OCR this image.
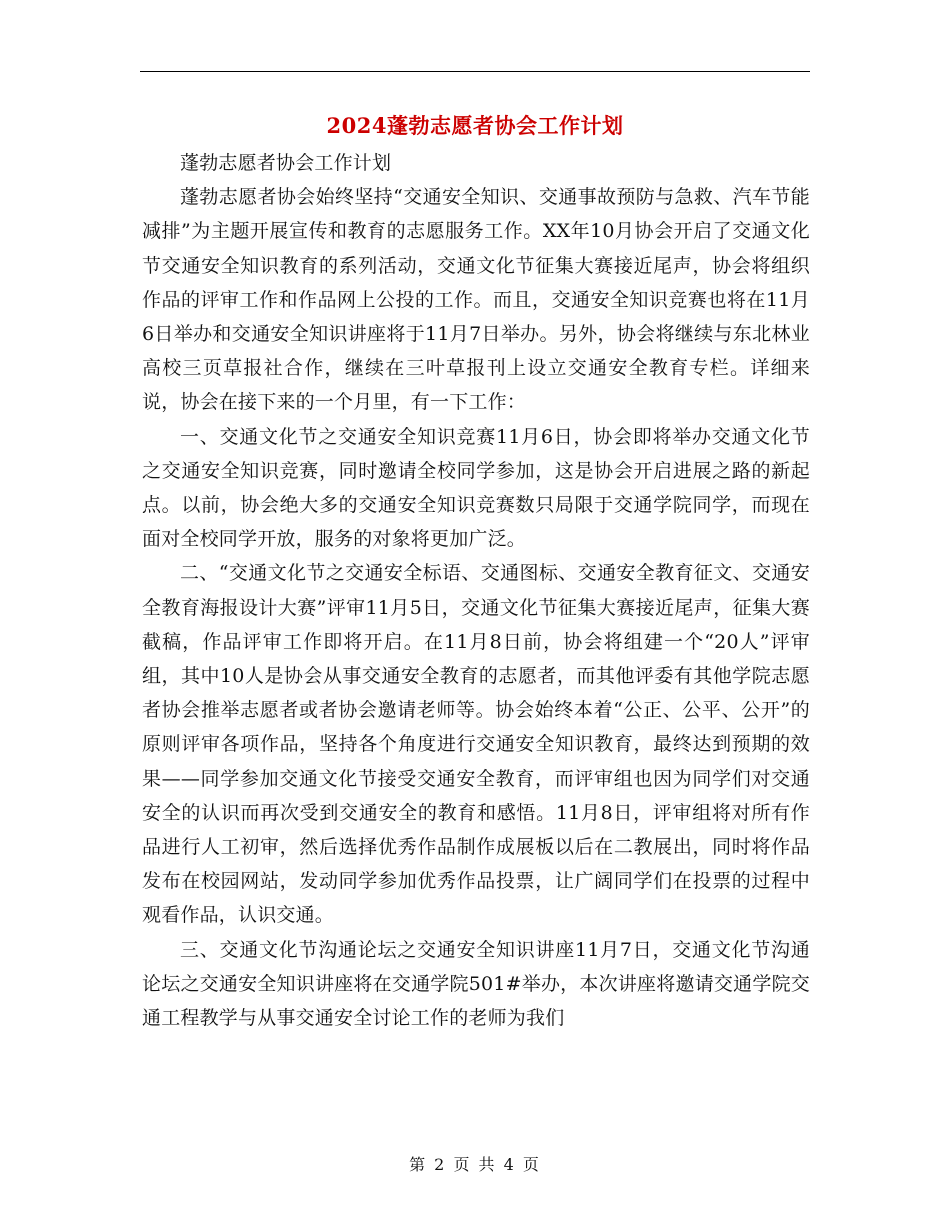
2024蓬勃志愿者协会工作计划

蓬勃志愿者协会工作计划

蓬勃志愿者协会始终坚持“交通安全知识、交通事故预防与急救、汽车节能减排”为主题开展宣传和教育的志愿服务工作。XX年10月协会开启了交通文化节交通安全知识教育的系列活动，交通文化节征集大赛接近尾声，协会将组织作品的评审工作和作品网上公投的工作。而且，交通安全知识竞赛也将在11月6日举办和交通安全知识讲座将于11月7日举办。另外，协会将继续与东北林业高校三页草报社合作，继续在三叶草报刊上设立交通安全教育专栏。详细来说，协会在接下来的一个月里，有一下工作：

一、交通文化节之交通安全知识竞赛11月6日，协会即将举办交通文化节之交通安全知识竞赛，同时邀请全校同学参加，这是协会开启进展之路的新起点。以前，协会绝大多的交通安全知识竞赛数只局限于交通学院同学，而现在面对全校同学开放，服务的对象将更加广泛。

二、“交通文化节之交通安全标语、交通图标、交通安全教育征文、交通安全教育海报设计大赛”评审11月5日，交通文化节征集大赛接近尾声，征集大赛截稿，作品评审工作即将开启。在11月8日前，协会将组建一个“20人”评审组，其中10人是协会从事交通安全教育的志愿者，而其他评委有其他学院志愿者协会推举志愿者或者协会邀请老师等。协会始终本着“公正、公平、公开”的原则评审各项作品，坚持各个角度进行交通安全知识教育，最终达到预期的效果——同学参加交通文化节接受交通安全教育，而评审组也因为同学们对交通安全的认识而再次受到交通安全的教育和感悟。11月8日，评审组将对所有作品进行人工初审，然后选择优秀作品制作成展板以后在二教展出，同时将作品发布在校园网站，发动同学参加优秀作品投票，让广阔同学们在投票的过程中观看作品，认识交通。

三、交通文化节沟通论坛之交通安全知识讲座11月7日，交通文化节沟通论坛之交通安全知识讲座将在交通学院501#举办，本次讲座将邀请交通学院交通工程教学与从事交通安全讨论工作的老师为我们

第 2 页 共 4 页
